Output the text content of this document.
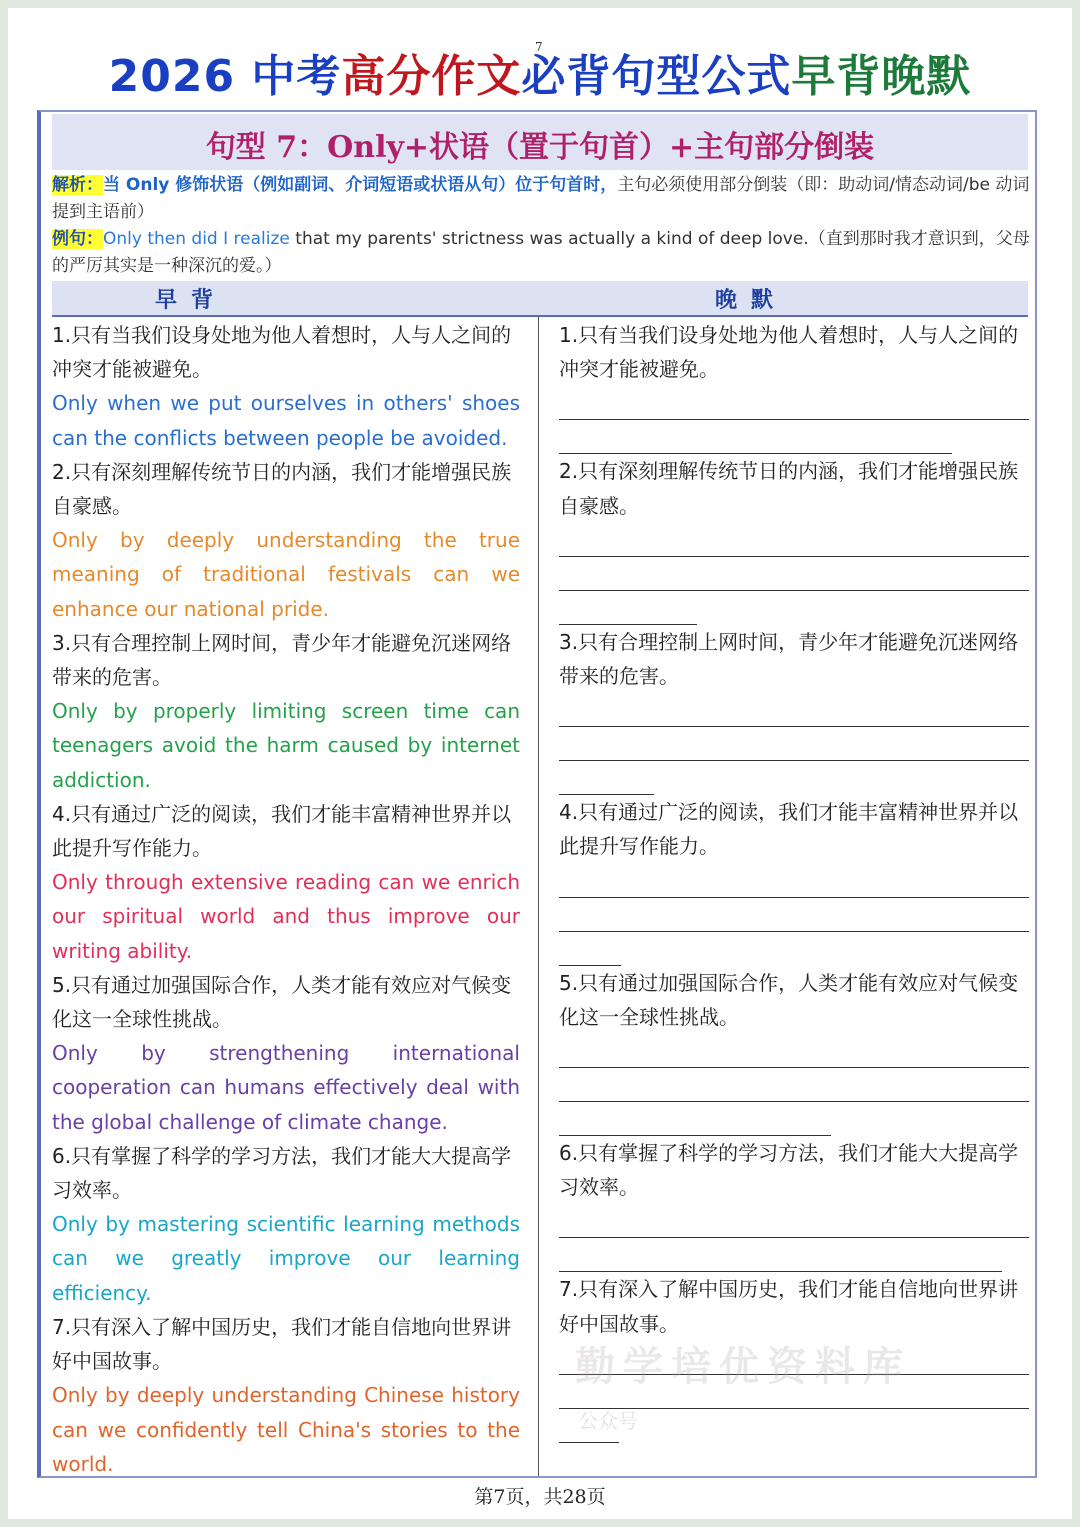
2026 中考高分作文必背句型公式早背晚默
7
句型 7：Only+状语（置于句首）+主句部分倒装
解析：当 Only 修饰状语（例如副词、介词短语或状语从句）位于句首时，主句必须使用部分倒装（即：助动词/情态动词/be 动词提到主语前）
例句：Only then did I realize that my parents' strictness was actually a kind of deep love.（直到那时我才意识到，父母的严厉其实是一种深沉的爱。）
早背	晚默
1.只有当我们设身处地为他人着想时，人与人之间的冲突才能被避免。
Only when we put ourselves in others' shoes can the conflicts between people be avoided.
2.只有深刻理解传统节日的内涵，我们才能增强民族自豪感。
Only by deeply understanding the true meaning of traditional festivals can we enhance our national pride.
3.只有合理控制上网时间，青少年才能避免沉迷网络带来的危害。
Only by properly limiting screen time can teenagers avoid the harm caused by internet addiction.
4.只有通过广泛的阅读，我们才能丰富精神世界并以此提升写作能力。
Only through extensive reading can we enrich our spiritual world and thus improve our writing ability.
5.只有通过加强国际合作，人类才能有效应对气候变化这一全球性挑战。
Only by strengthening international cooperation can humans effectively deal with the global challenge of climate change.
6.只有掌握了科学的学习方法，我们才能大大提高学习效率。
Only by mastering scientific learning methods can we greatly improve our learning efficiency.
7.只有深入了解中国历史，我们才能自信地向世界讲好中国故事。
Only by deeply understanding Chinese history can we confidently tell China's stories to the world.
1.只有当我们设身处地为他人着想时，人与人之间的冲突才能被避免。
2.只有深刻理解传统节日的内涵，我们才能增强民族自豪感。
3.只有合理控制上网时间，青少年才能避免沉迷网络带来的危害。
4.只有通过广泛的阅读，我们才能丰富精神世界并以此提升写作能力。
5.只有通过加强国际合作，人类才能有效应对气候变化这一全球性挑战。
6.只有掌握了科学的学习方法，我们才能大大提高学习效率。
7.只有深入了解中国历史，我们才能自信地向世界讲好中国故事。
勤学培优资料库
公众号
第7页，共28页
